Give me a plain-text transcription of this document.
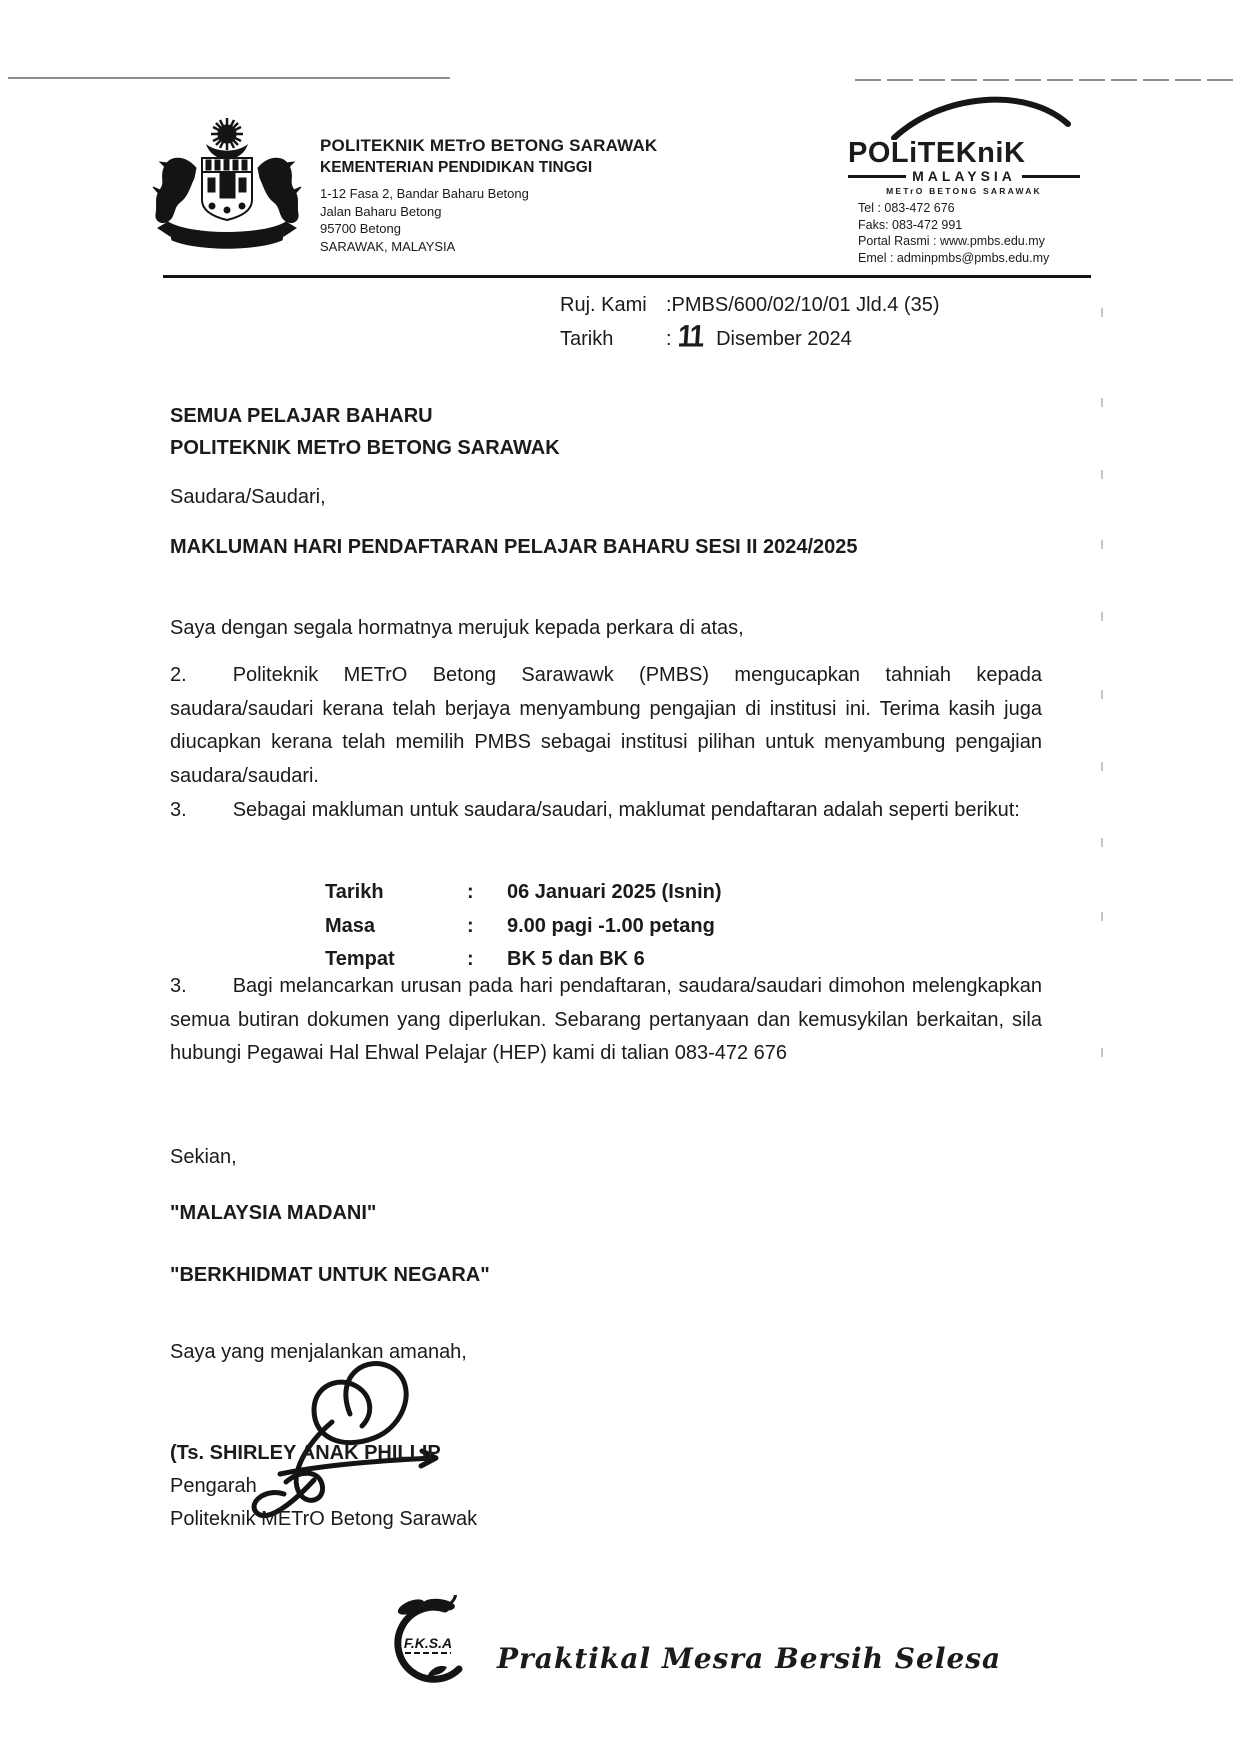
POLITEKNIK METrO BETONG SARAWAK
KEMENTERIAN PENDIDIKAN TINGGI
1-12 Fasa 2, Bandar Baharu Betong
Jalan Baharu Betong
95700 Betong
SARAWAK, MALAYSIA
POLiTEKniK
MALAYSIA
METrO BETONG SARAWAK
Tel : 083-472 676
Faks: 083-472 991
Portal Rasmi : www.pmbs.edu.my
Emel : adminpmbs@pmbs.edu.my
Ruj. Kami :PMBS/600/02/10/01 Jld.4 (35)
Tarikh	: 11 Disember 2024
SEMUA PELAJAR BAHARU
POLITEKNIK METrO BETONG SARAWAK
Saudara/Saudari,
MAKLUMAN HARI PENDAFTARAN PELAJAR BAHARU SESI II 2024/2025
Saya dengan segala hormatnya merujuk kepada perkara di atas,
2. Politeknik METrO Betong Sarawawk (PMBS) mengucapkan tahniah kepada saudara/saudari kerana telah berjaya menyambung pengajian di institusi ini. Terima kasih juga diucapkan kerana telah memilih PMBS sebagai institusi pilihan untuk menyambung pengajian saudara/saudari.
3. Sebagai makluman untuk saudara/saudari, maklumat pendaftaran adalah seperti berikut:
Tarikh	:	06 Januari 2025 (Isnin)
Masa	:	9.00 pagi -1.00 petang
Tempat	:	BK 5 dan BK 6
3. Bagi melancarkan urusan pada hari pendaftaran, saudara/saudari dimohon melengkapkan semua butiran dokumen yang diperlukan. Sebarang pertanyaan dan kemusykilan berkaitan, sila hubungi Pegawai Hal Ehwal Pelajar (HEP) kami di talian 083-472 676
Sekian,
"MALAYSIA MADANI"
"BERKHIDMAT UNTUK NEGARA"
Saya yang menjalankan amanah,
(Ts. SHIRLEY ANAK PHILLIP
Pengarah
Politeknik METrO Betong Sarawak
F.K.S.A Praktikal Mesra Bersih Selesa
